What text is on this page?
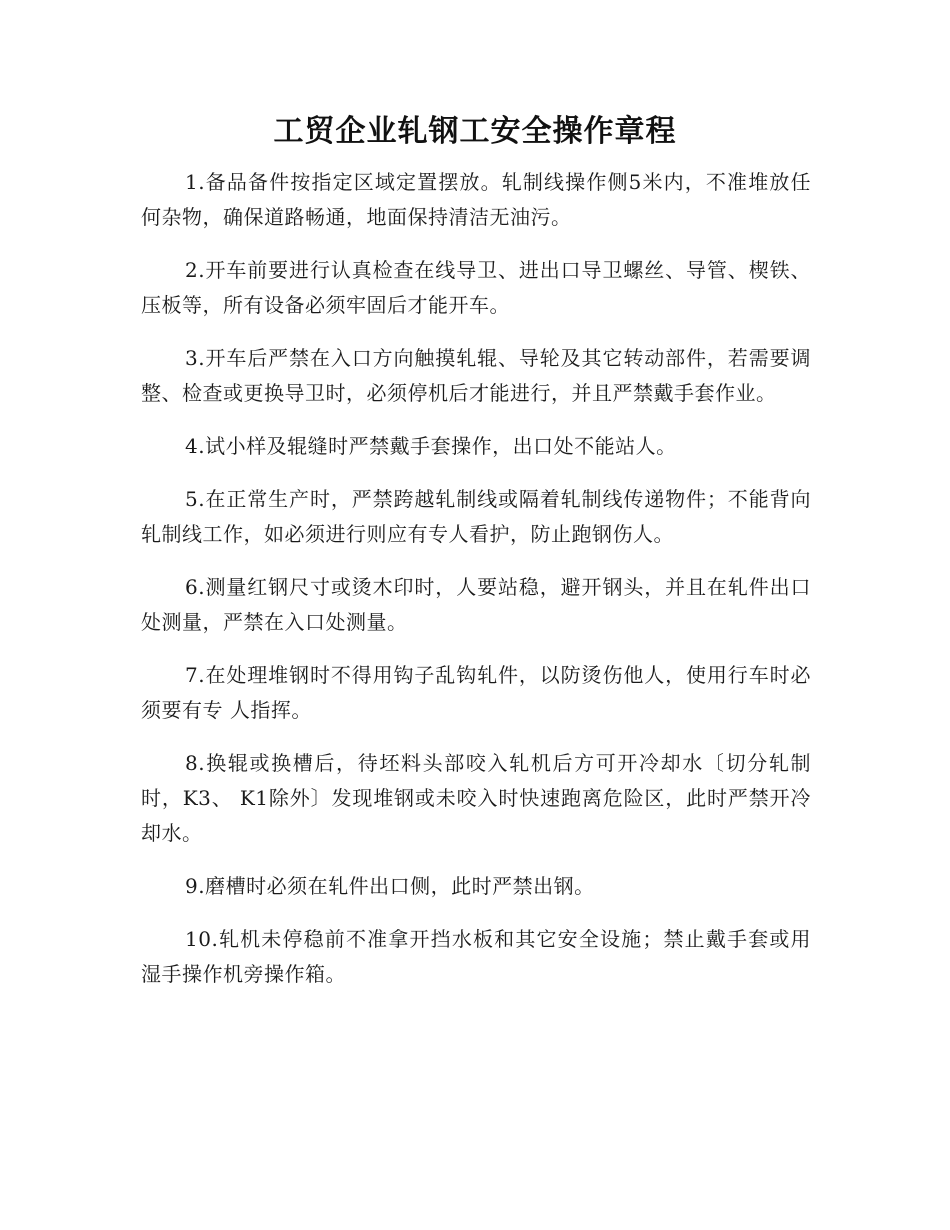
工贸企业轧钢工安全操作章程

1.备品备件按指定区域定置摆放。轧制线操作侧5米内，不准堆放任何杂物，确保道路畅通，地面保持清洁无油污。

2.开车前要进行认真检查在线导卫、进出口导卫螺丝、导管、楔铁、压板等，所有设备必须牢固后才能开车。

3.开车后严禁在入口方向触摸轧辊、导轮及其它转动部件，若需要调整、检查或更换导卫时，必须停机后才能进行，并且严禁戴手套作业。

4.试小样及辊缝时严禁戴手套操作，出口处不能站人。

5.在正常生产时，严禁跨越轧制线或隔着轧制线传递物件；不能背向轧制线工作，如必须进行则应有专人看护，防止跑钢伤人。

6.测量红钢尺寸或烫木印时，人要站稳，避开钢头，并且在轧件出口处测量，严禁在入口处测量。

7.在处理堆钢时不得用钩子乱钩轧件，以防烫伤他人，使用行车时必须要有专 人指挥。

8.换辊或换槽后，待坯料头部咬入轧机后方可开冷却水〔切分轧制时，K3、 K1除外〕发现堆钢或未咬入时快速跑离危险区，此时严禁开冷却水。

9.磨槽时必须在轧件出口侧，此时严禁出钢。

10.轧机未停稳前不准拿开挡水板和其它安全设施；禁止戴手套或用湿手操作机旁操作箱。
